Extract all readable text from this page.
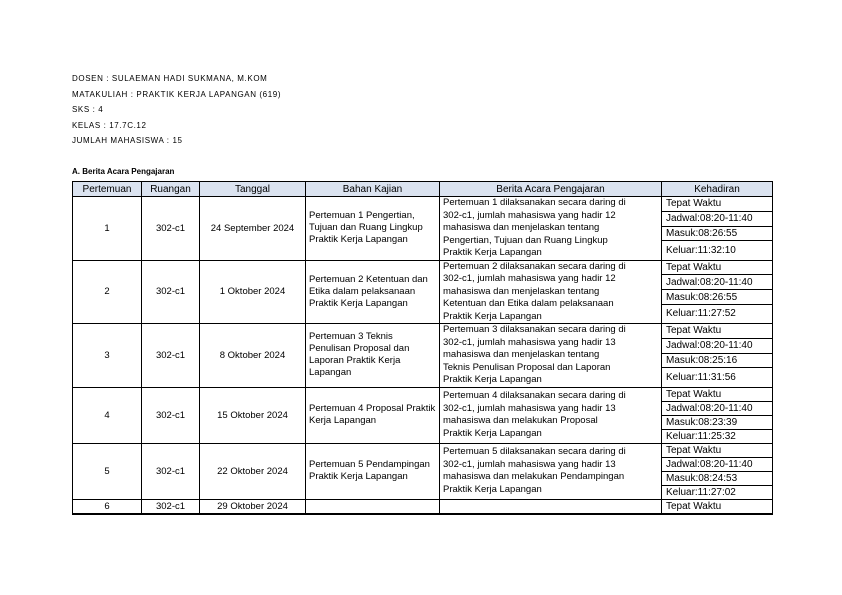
DOSEN : SULAEMAN HADI SUKMANA, M.KOM
MATAKULIAH : PRAKTIK KERJA LAPANGAN (619)
SKS : 4
KELAS : 17.7C.12
JUMLAH MAHASISWA : 15
A. Berita Acara Pengajaran
Pertemuan	Ruangan	Tanggal	Bahan Kajian	Berita Acara Pengajaran	Kehadiran
1	302-c1	24 September 2024	Pertemuan 1 Pengertian, Tujuan dan Ruang Lingkup Praktik Kerja Lapangan	Pertemuan 1 dilaksanakan secara daring di
302-c1, jumlah mahasiswa yang hadir 12
mahasiswa dan menjelaskan tentang
Pengertian, Tujuan dan Ruang Lingkup
Praktik Kerja Lapangan	Tepat Waktu
					Jadwal:08:20-11:40
					Masuk:08:26:55
					Keluar:11:32:10
2	302-c1	1 Oktober 2024	Pertemuan 2 Ketentuan dan Etika dalam pelaksanaan Praktik Kerja Lapangan	Pertemuan 2 dilaksanakan secara daring di
302-c1, jumlah mahasiswa yang hadir 12
mahasiswa dan menjelaskan tentang
Ketentuan dan Etika dalam pelaksanaan
Praktik Kerja Lapangan	Tepat Waktu
					Jadwal:08:20-11:40
					Masuk:08:26:55
					Keluar:11:27:52
3	302-c1	8 Oktober 2024	Pertemuan 3 Teknis Penulisan Proposal dan Laporan Praktik Kerja Lapangan	Pertemuan 3 dilaksanakan secara daring di
302-c1, jumlah mahasiswa yang hadir 13
mahasiswa dan menjelaskan tentang
Teknis Penulisan Proposal dan Laporan
Praktik Kerja Lapangan	Tepat Waktu
					Jadwal:08:20-11:40
					Masuk:08:25:16
					Keluar:11:31:56
4	302-c1	15 Oktober 2024	Pertemuan 4 Proposal Praktik Kerja Lapangan	Pertemuan 4 dilaksanakan secara daring di
302-c1, jumlah mahasiswa yang hadir 13
mahasiswa dan melakukan Proposal
Praktik Kerja Lapangan	Tepat Waktu
					Jadwal:08:20-11:40
					Masuk:08:23:39
					Keluar:11:25:32
5	302-c1	22 Oktober 2024	Pertemuan 5 Pendampingan Praktik Kerja Lapangan	Pertemuan 5 dilaksanakan secara daring di
302-c1, jumlah mahasiswa yang hadir 13
mahasiswa dan melakukan Pendampingan
Praktik Kerja Lapangan	Tepat Waktu
					Jadwal:08:20-11:40
					Masuk:08:24:53
					Keluar:11:27:02
6	302-c1	29 Oktober 2024			Tepat Waktu
